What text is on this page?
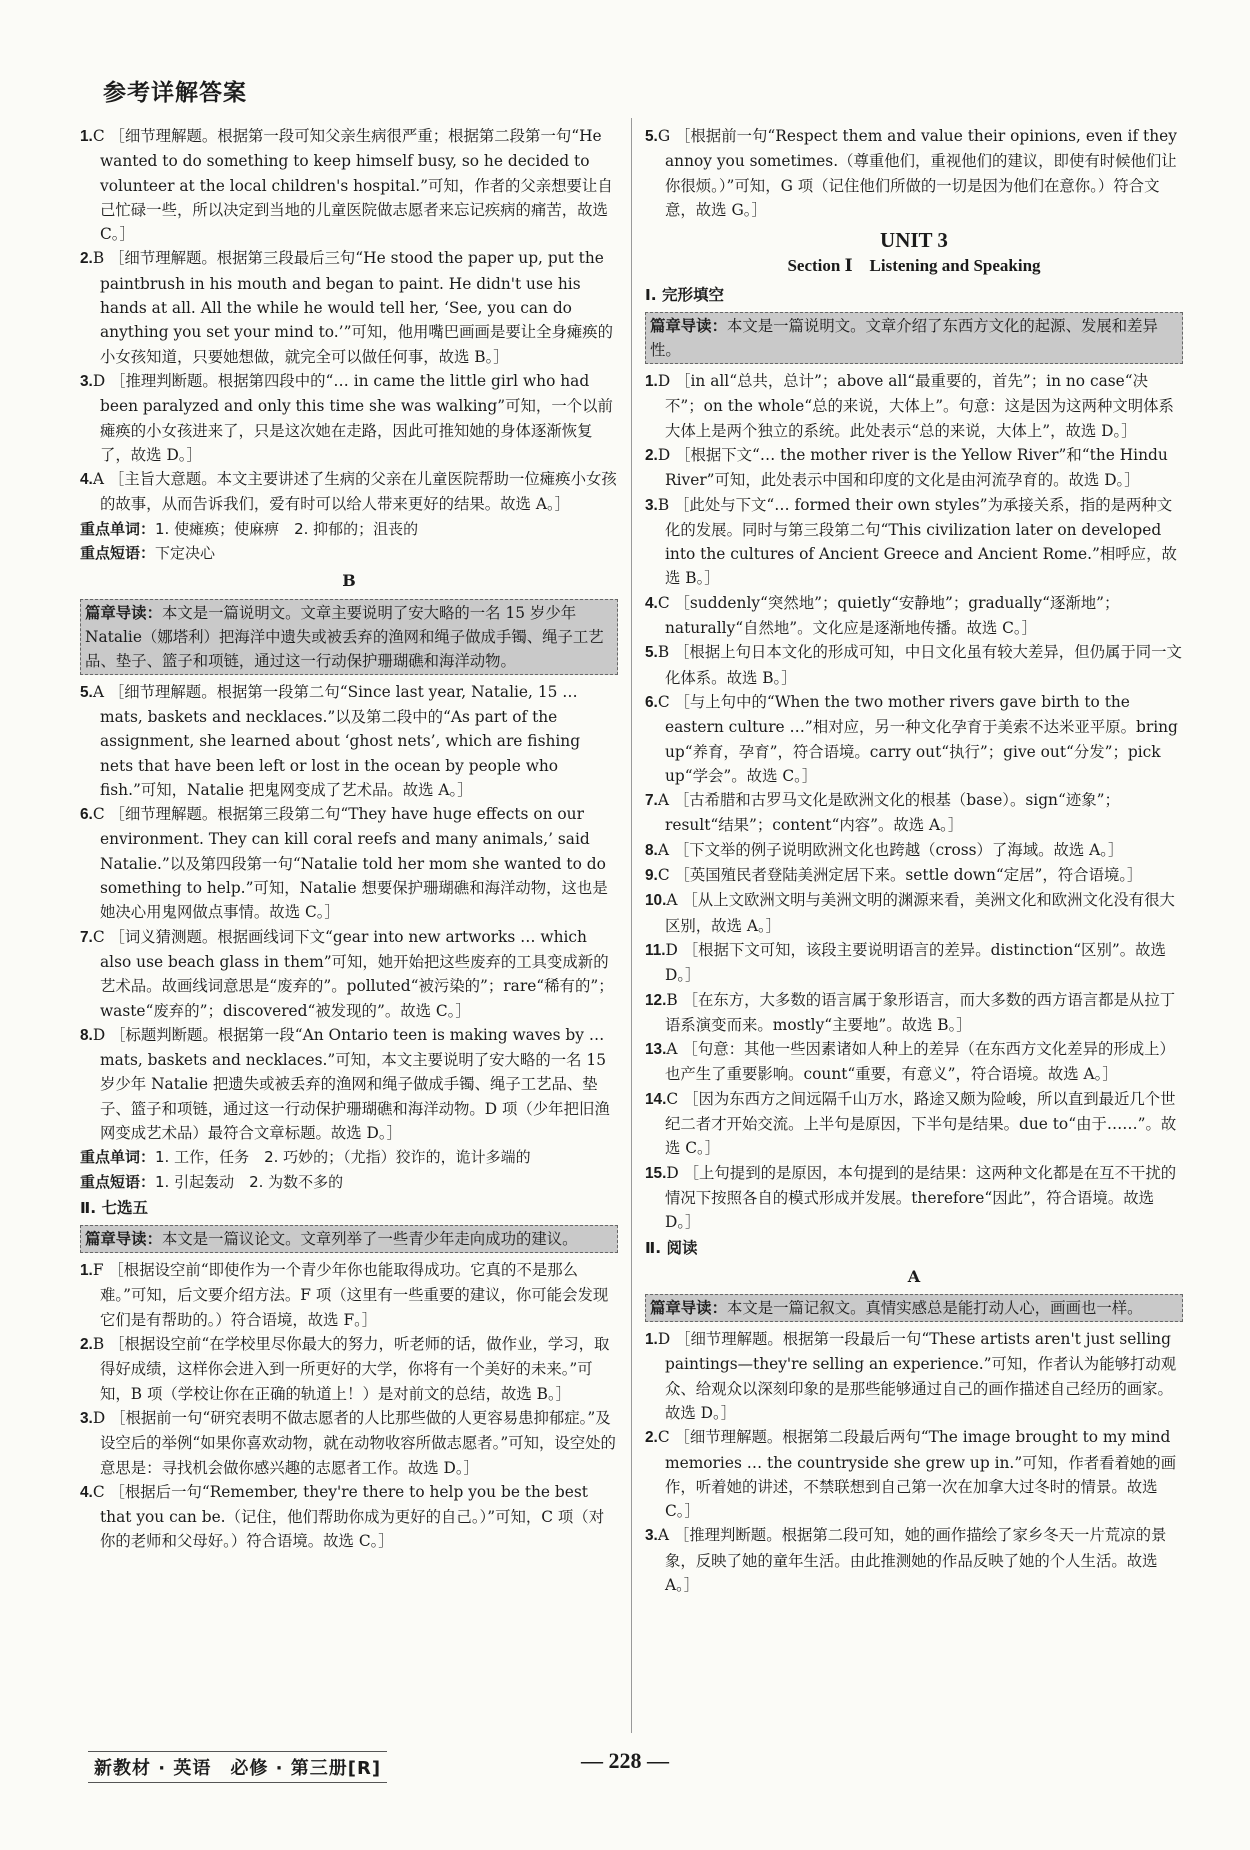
参考详解答案
1.C ［细节理解题。根据第一段可知父亲生病很严重；根据第二段第一句“He wanted to do something to keep himself busy, so he decided to volunteer at the local children's hospital.”可知，作者的父亲想要让自己忙碌一些，所以决定到当地的儿童医院做志愿者来忘记疾病的痛苦，故选 C。］
2.B ［细节理解题。根据第三段最后三句“He stood the paper up, put the paintbrush in his mouth and began to paint. He didn't use his hands at all. All the while he would tell her, ‘See, you can do anything you set your mind to.’”可知，他用嘴巴画画是要让全身瘫痪的小女孩知道，只要她想做，就完全可以做任何事，故选 B。］
3.D ［推理判断题。根据第四段中的“… in came the little girl who had been paralyzed and only this time she was walking”可知，一个以前瘫痪的小女孩进来了，只是这次她在走路，因此可推知她的身体逐渐恢复了，故选 D。］
4.A ［主旨大意题。本文主要讲述了生病的父亲在儿童医院帮助一位瘫痪小女孩的故事，从而告诉我们，爱有时可以给人带来更好的结果。故选 A。］
重点单词：1. 使瘫痪；使麻痹　2. 抑郁的；沮丧的
重点短语：下定决心
B
篇章导读：本文是一篇说明文。文章主要说明了安大略的一名 15 岁少年 Natalie（娜塔利）把海洋中遗失或被丢弃的渔网和绳子做成手镯、绳子工艺品、垫子、篮子和项链，通过这一行动保护珊瑚礁和海洋动物。
5.A ［细节理解题。根据第一段第二句“Since last year, Natalie, 15 … mats, baskets and necklaces.”以及第二段中的“As part of the assignment, she learned about ‘ghost nets’, which are fishing nets that have been left or lost in the ocean by people who fish.”可知，Natalie 把鬼网变成了艺术品。故选 A。］
6.C ［细节理解题。根据第三段第二句“They have huge effects on our environment. They can kill coral reefs and many animals,’ said Natalie.”以及第四段第一句“Natalie told her mom she wanted to do something to help.”可知，Natalie 想要保护珊瑚礁和海洋动物，这也是她决心用鬼网做点事情。故选 C。］
7.C ［词义猜测题。根据画线词下文“gear into new artworks … which also use beach glass in them”可知，她开始把这些废弃的工具变成新的艺术品。故画线词意思是“废弃的”。polluted“被污染的”；rare“稀有的”；waste“废弃的”；discovered“被发现的”。故选 C。］
8.D ［标题判断题。根据第一段“An Ontario teen is making waves by … mats, baskets and necklaces.”可知，本文主要说明了安大略的一名 15 岁少年 Natalie 把遗失或被丢弃的渔网和绳子做成手镯、绳子工艺品、垫子、篮子和项链，通过这一行动保护珊瑚礁和海洋动物。D 项（少年把旧渔网变成艺术品）最符合文章标题。故选 D。］
重点单词：1. 工作，任务　2. 巧妙的；（尤指）狡诈的，诡计多端的
重点短语：1. 引起轰动　2. 为数不多的
Ⅱ. 七选五
篇章导读：本文是一篇议论文。文章列举了一些青少年走向成功的建议。
1.F ［根据设空前“即使作为一个青少年你也能取得成功。它真的不是那么难。”可知，后文要介绍方法。F 项（这里有一些重要的建议，你可能会发现它们是有帮助的。）符合语境，故选 F。］
2.B ［根据设空前“在学校里尽你最大的努力，听老师的话，做作业，学习，取得好成绩，这样你会进入到一所更好的大学，你将有一个美好的未来。”可知，B 项（学校让你在正确的轨道上！）是对前文的总结，故选 B。］
3.D ［根据前一句“研究表明不做志愿者的人比那些做的人更容易患抑郁症。”及设空后的举例“如果你喜欢动物，就在动物收容所做志愿者。”可知，设空处的意思是：寻找机会做你感兴趣的志愿者工作。故选 D。］
4.C ［根据后一句“Remember, they're there to help you be the best that you can be.（记住，他们帮助你成为更好的自己。）”可知，C 项（对你的老师和父母好。）符合语境。故选 C。］
5.G ［根据前一句“Respect them and value their opinions, even if they annoy you sometimes.（尊重他们，重视他们的建议，即使有时候他们让你很烦。）”可知，G 项（记住他们所做的一切是因为他们在意你。）符合文意，故选 G。］
UNIT 3
Section Ⅰ　Listening and Speaking
Ⅰ. 完形填空
篇章导读：本文是一篇说明文。文章介绍了东西方文化的起源、发展和差异性。
1.D ［in all“总共，总计”；above all“最重要的，首先”；in no case“决不”；on the whole“总的来说，大体上”。句意：这是因为这两种文明体系大体上是两个独立的系统。此处表示“总的来说，大体上”，故选 D。］
2.D ［根据下文“… the mother river is the Yellow River”和“the Hindu River”可知，此处表示中国和印度的文化是由河流孕育的。故选 D。］
3.B ［此处与下文“… formed their own styles”为承接关系，指的是两种文化的发展。同时与第三段第二句“This civilization later on developed into the cultures of Ancient Greece and Ancient Rome.”相呼应，故选 B。］
4.C ［suddenly“突然地”；quietly“安静地”；gradually“逐渐地”；naturally“自然地”。文化应是逐渐地传播。故选 C。］
5.B ［根据上句日本文化的形成可知，中日文化虽有较大差异，但仍属于同一文化体系。故选 B。］
6.C ［与上句中的“When the two mother rivers gave birth to the eastern culture …”相对应，另一种文化孕育于美索不达米亚平原。bring up“养育，孕育”，符合语境。carry out“执行”；give out“分发”；pick up“学会”。故选 C。］
7.A ［古希腊和古罗马文化是欧洲文化的根基（base）。sign“迹象”；result“结果”；content“内容”。故选 A。］
8.A ［下文举的例子说明欧洲文化也跨越（cross）了海域。故选 A。］
9.C ［英国殖民者登陆美洲定居下来。settle down“定居”，符合语境。］
10.A ［从上文欧洲文明与美洲文明的渊源来看，美洲文化和欧洲文化没有很大区别，故选 A。］
11.D ［根据下文可知，该段主要说明语言的差异。distinction“区别”。故选 D。］
12.B ［在东方，大多数的语言属于象形语言，而大多数的西方语言都是从拉丁语系演变而来。mostly“主要地”。故选 B。］
13.A ［句意：其他一些因素诸如人种上的差异（在东西方文化差异的形成上）也产生了重要影响。count“重要，有意义”，符合语境。故选 A。］
14.C ［因为东西方之间远隔千山万水，路途又颇为险峻，所以直到最近几个世纪二者才开始交流。上半句是原因，下半句是结果。due to“由于……”。故选 C。］
15.D ［上句提到的是原因，本句提到的是结果：这两种文化都是在互不干扰的情况下按照各自的模式形成并发展。therefore“因此”，符合语境。故选 D。］
Ⅱ. 阅读
A
篇章导读：本文是一篇记叙文。真情实感总是能打动人心，画画也一样。
1.D ［细节理解题。根据第一段最后一句“These artists aren't just selling paintings—they're selling an experience.”可知，作者认为能够打动观众、给观众以深刻印象的是那些能够通过自己的画作描述自己经历的画家。故选 D。］
2.C ［细节理解题。根据第二段最后两句“The image brought to my mind memories … the countryside she grew up in.”可知，作者看着她的画作，听着她的讲述，不禁联想到自己第一次在加拿大过冬时的情景。故选 C。］
3.A ［推理判断题。根据第二段可知，她的画作描绘了家乡冬天一片荒凉的景象，反映了她的童年生活。由此推测她的作品反映了她的个人生活。故选 A。］
新教材 · 英语　必修 · 第三册[R]	— 228 —
